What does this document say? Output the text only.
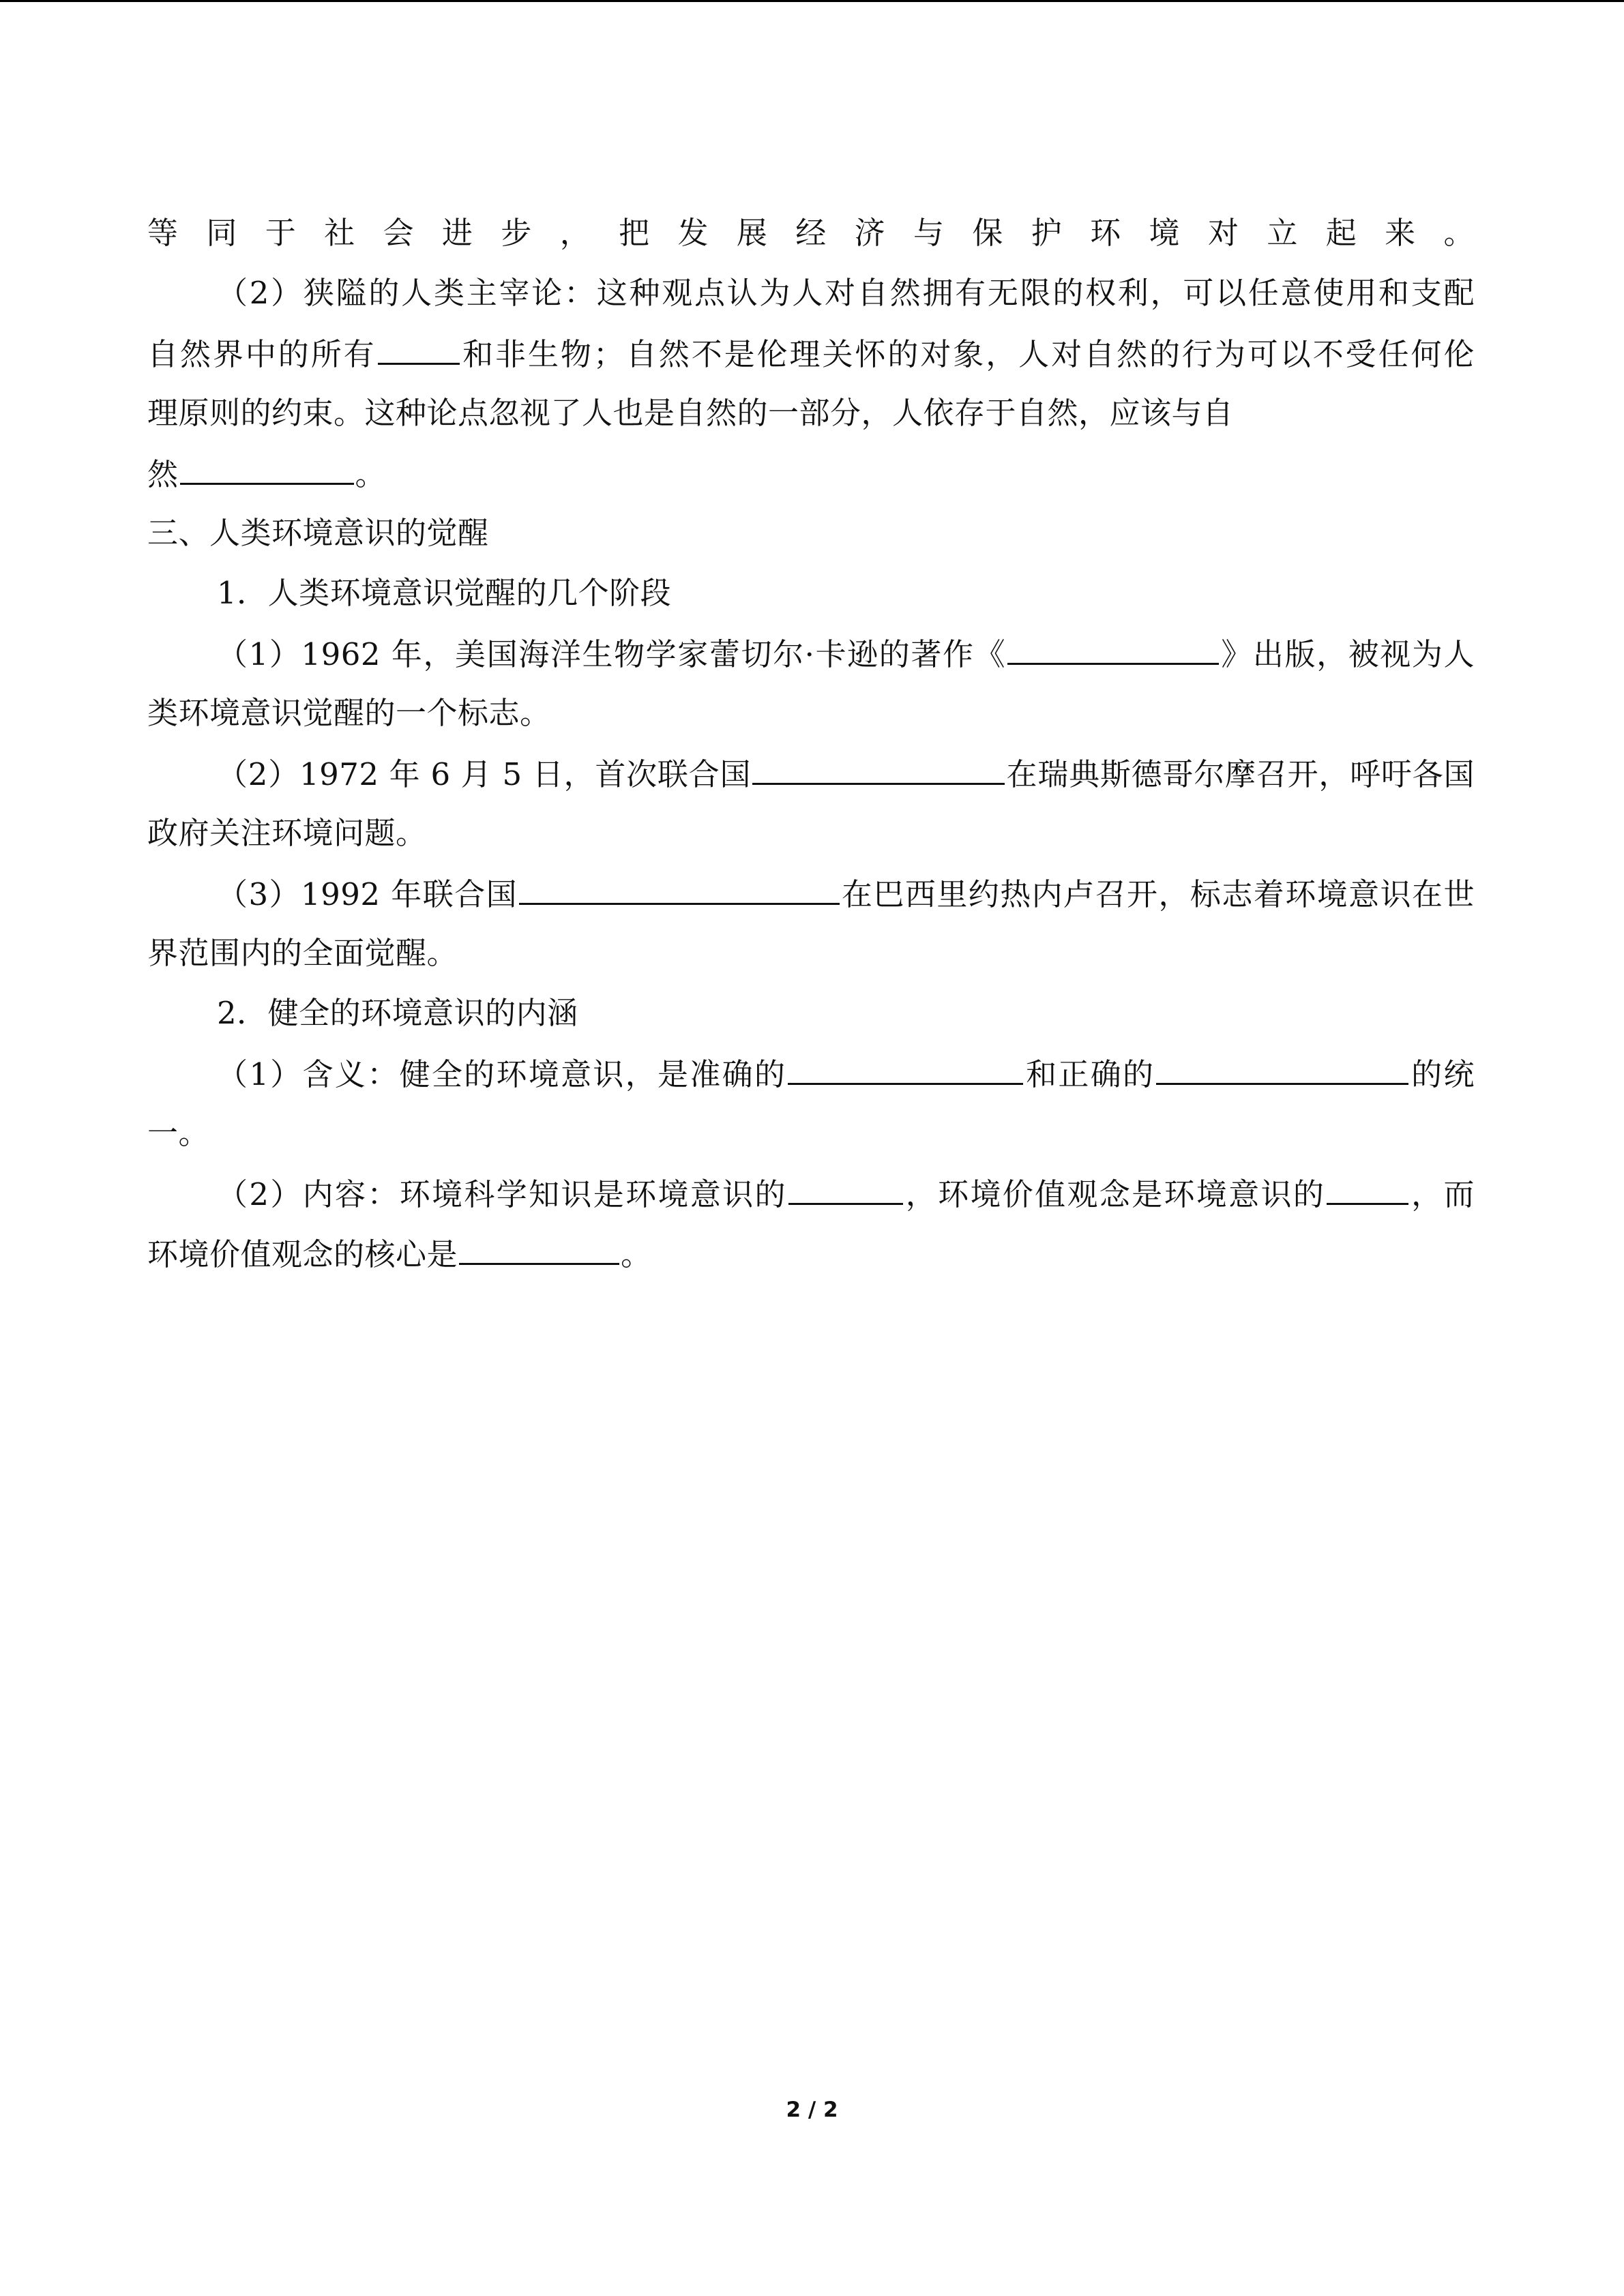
等同于社会进步，把发展经济与保护环境对立起来。
（2）狭隘的人类主宰论：这种观点认为人对自然拥有无限的权利，可以任意使用和支配
自然界中的所有	和非生物；自然不是伦理关怀的对象，人对自然的行为可以不受任何伦
理原则的约束。这种论点忽视了人也是自然的一部分，人依存于自然，应该与自
然	。
三、人类环境意识的觉醒
1．人类环境意识觉醒的几个阶段
（1）1962 年，美国海洋生物学家蕾切尔·卡逊的著作《	》出版，被视为人
类环境意识觉醒的一个标志。
（2）1972 年 6 月 5 日，首次联合国	在瑞典斯德哥尔摩召开，呼吁各国
政府关注环境问题。
（3）1992 年联合国	在巴西里约热内卢召开，标志着环境意识在世
界范围内的全面觉醒。
2．健全的环境意识的内涵
（1）含义：健全的环境意识，是准确的	和正确的	的统
一。
（2）内容：环境科学知识是环境意识的	，环境价值观念是环境意识的	，而
环境价值观念的核心是	。
2 / 2
